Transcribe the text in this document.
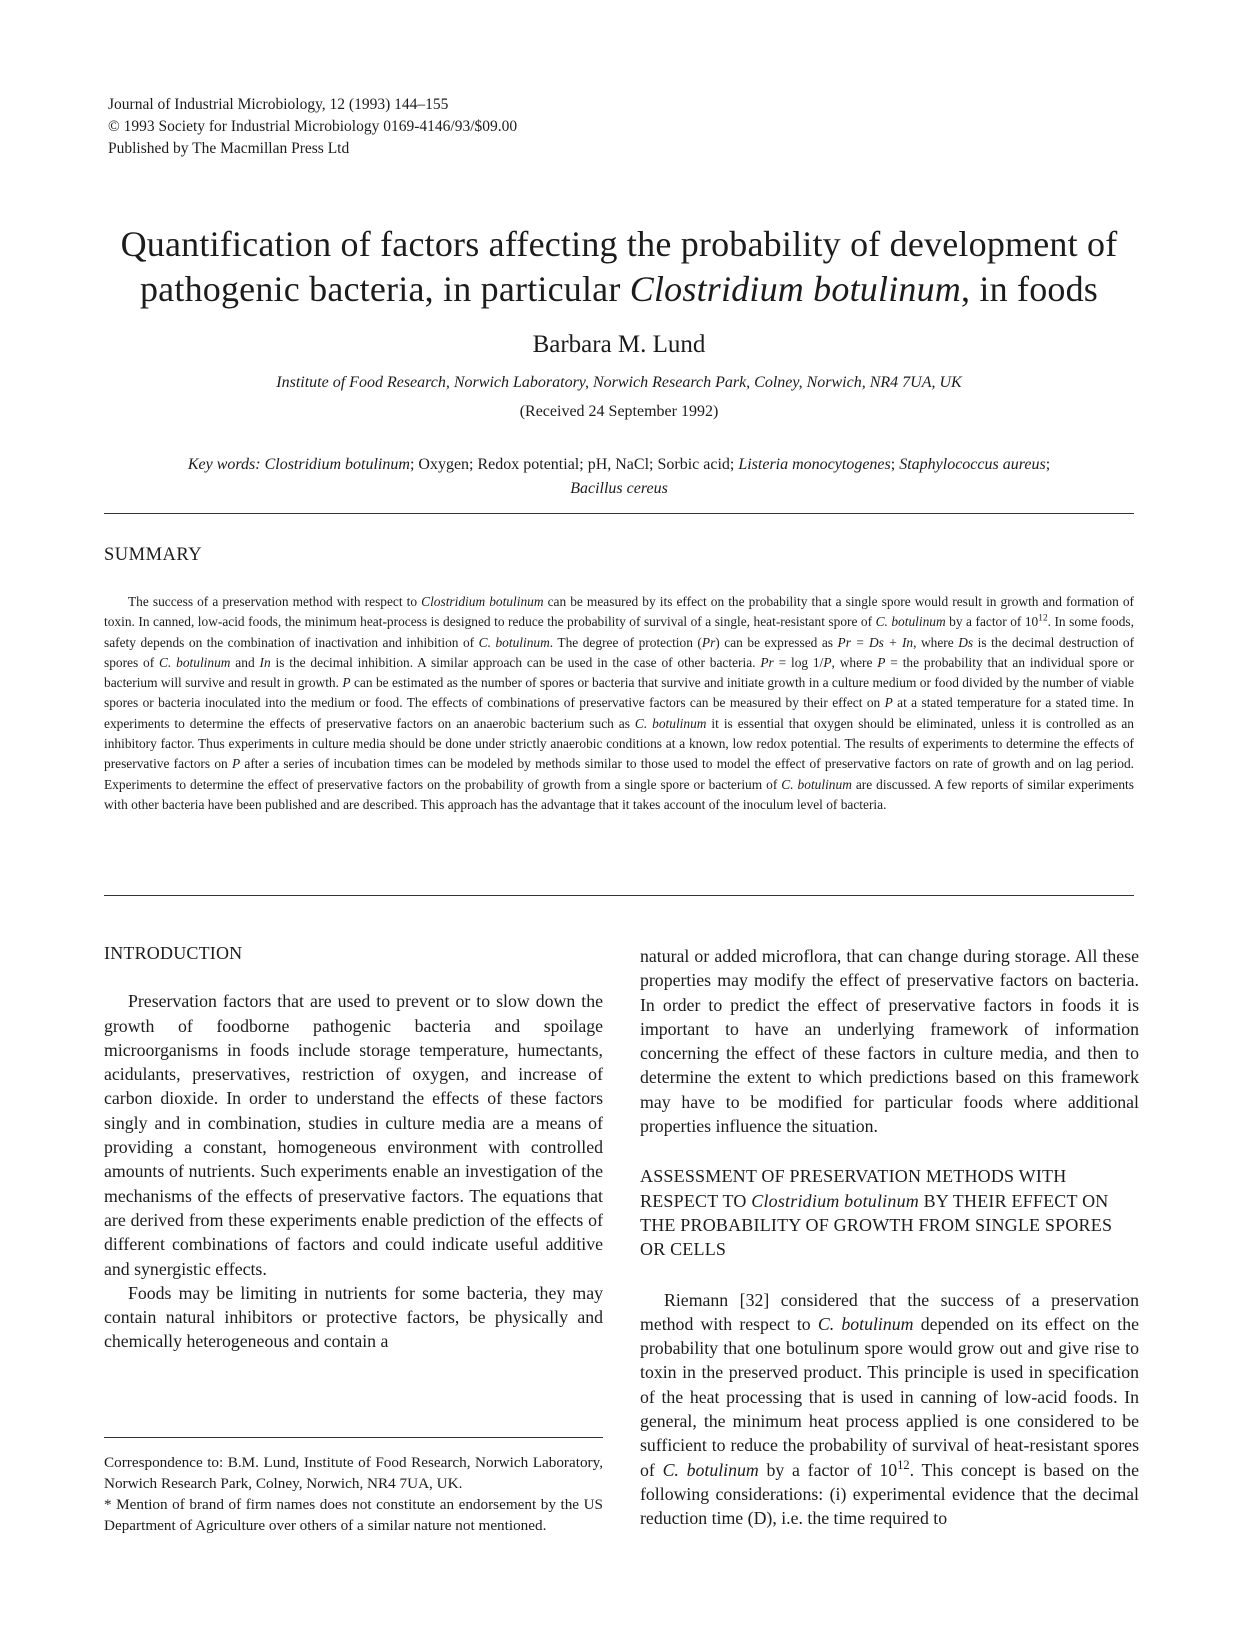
Journal of Industrial Microbiology, 12 (1993) 144–155
© 1993 Society for Industrial Microbiology 0169-4146/93/$09.00
Published by The Macmillan Press Ltd
Quantification of factors affecting the probability of development of
pathogenic bacteria, in particular Clostridium botulinum, in foods
Barbara M. Lund
Institute of Food Research, Norwich Laboratory, Norwich Research Park, Colney, Norwich, NR4 7UA, UK
(Received 24 September 1992)
Key words: Clostridium botulinum; Oxygen; Redox potential; pH, NaCl; Sorbic acid; Listeria monocytogenes; Staphylococcus aureus;
Bacillus cereus
SUMMARY

The success of a preservation method with respect to Clostridium botulinum can be measured by its effect on the probability that a single spore would result in growth and formation of toxin. In canned, low-acid foods, the minimum heat-process is designed to reduce the probability of survival of a single, heat-resistant spore of C. botulinum by a factor of $10^{12}$. In some foods, safety depends on the combination of inactivation and inhibition of C. botulinum. The degree of protection (Pr) can be expressed as Pr = Ds + In, where Ds is the decimal destruction of spores of C. botulinum and In is the decimal inhibition. A similar approach can be used in the case of other bacteria. Pr = log 1/P, where P = the probability that an individual spore or bacterium will survive and result in growth. P can be estimated as the number of spores or bacteria that survive and initiate growth in a culture medium or food divided by the number of viable spores or bacteria inoculated into the medium or food. The effects of combinations of preservative factors can be measured by their effect on P at a stated temperature for a stated time. In experiments to determine the effects of preservative factors on an anaerobic bacterium such as C. botulinum it is essential that oxygen should be eliminated, unless it is controlled as an inhibitory factor. Thus experiments in culture media should be done under strictly anaerobic conditions at a known, low redox potential. The results of experiments to determine the effects of preservative factors on P after a series of incubation times can be modeled by methods similar to those used to model the effect of preservative factors on rate of growth and on lag period. Experiments to determine the effect of preservative factors on the probability of growth from a single spore or bacterium of C. botulinum are discussed. A few reports of similar experiments with other bacteria have been published and are described. This approach has the advantage that it takes account of the inoculum level of bacteria.

INTRODUCTION

Preservation factors that are used to prevent or to slow down the growth of foodborne pathogenic bacteria and spoilage microorganisms in foods include storage temperature, humectants, acidulants, preservatives, restriction of oxygen, and increase of carbon dioxide. In order to understand the effects of these factors singly and in combination, studies in culture media are a means of providing a constant, homogeneous environment with controlled amounts of nutrients. Such experiments enable an investigation of the mechanisms of the effects of preservative factors. The equations that are derived from these experiments enable prediction of the effects of different combinations of factors and could indicate useful additive and synergistic effects.

Foods may be limiting in nutrients for some bacteria, they may contain natural inhibitors or protective factors, be physically and chemically heterogeneous and contain a

Correspondence to: B.M. Lund, Institute of Food Research, Norwich Laboratory, Norwich Research Park, Colney, Norwich, NR4 7UA, UK.

* Mention of brand of firm names does not constitute an endorsement by the US Department of Agriculture over others of a similar nature not mentioned.

natural or added microflora, that can change during storage. All these properties may modify the effect of preservative factors on bacteria. In order to predict the effect of preservative factors in foods it is important to have an underlying framework of information concerning the effect of these factors in culture media, and then to determine the extent to which predictions based on this framework may have to be modified for particular foods where additional properties influence the situation.

ASSESSMENT OF PRESERVATION METHODS WITH RESPECT TO Clostridium botulinum BY THEIR EFFECT ON THE PROBABILITY OF GROWTH FROM SINGLE SPORES OR CELLS

Riemann [32] considered that the success of a preservation method with respect to C. botulinum depended on its effect on the probability that one botulinum spore would grow out and give rise to toxin in the preserved product. This principle is used in specification of the heat processing that is used in canning of low-acid foods. In general, the minimum heat process applied is one considered to be sufficient to reduce the probability of survival of heat-resistant spores of C. botulinum by a factor of $10^{12}$. This concept is based on the following considerations: (i) experimental evidence that the decimal reduction time (D), i.e. the time required to
